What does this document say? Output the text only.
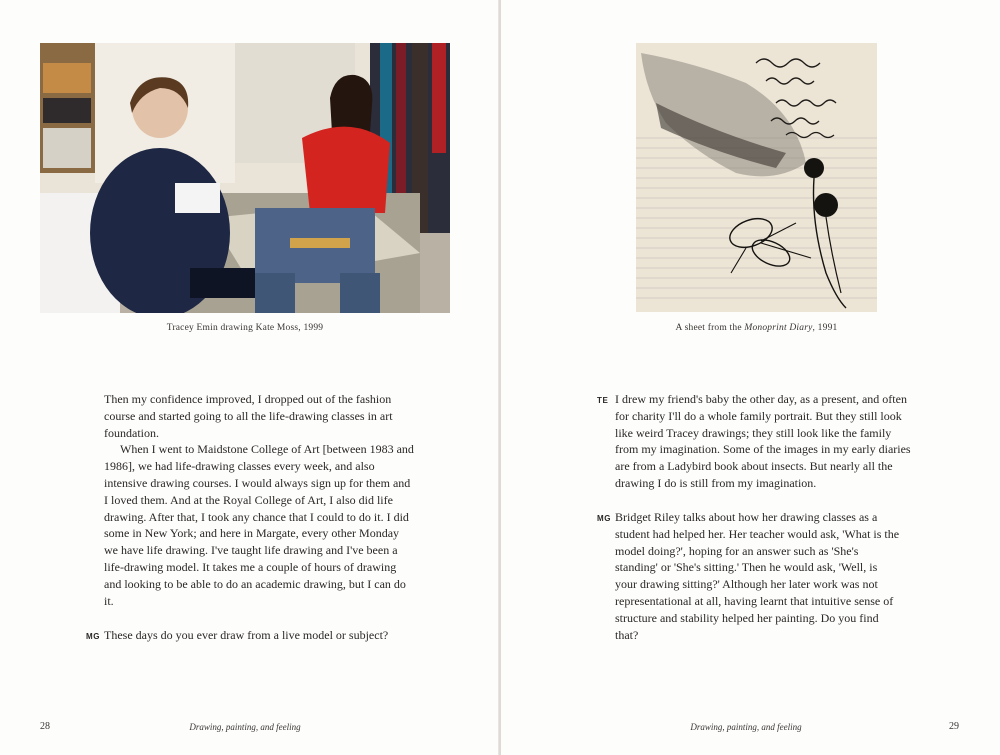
Tracey Emin drawing Kate Moss, 1999

Then my confidence improved, I dropped out of the fashion course and started going to all the life-drawing classes in art foundation.

When I went to Maidstone College of Art [between 1983 and 1986], we had life-drawing classes every week, and also intensive drawing courses. I would always sign up for them and I loved them. And at the Royal College of Art, I also did life drawing. After that, I took any chance that I could to do it. I did some in New York; and here in Margate, every other Monday we have life drawing. I've taught life drawing and I've been a life-drawing model. It takes me a couple of hours of drawing and looking to be able to do an academic drawing, but I can do it.

MG These days do you ever draw from a live model or subject?
28	Drawing, painting, and feeling
A sheet from the Monoprint Diary, 1991
TE I drew my friend's baby the other day, as a present, and often for charity I'll do a whole family portrait. But they still look like weird Tracey drawings; they still look like the family from my imagination. Some of the images in my early diaries are from a Ladybird book about insects. But nearly all the drawing I do is still from my imagination.
MG Bridget Riley talks about how her drawing classes as a student had helped her. Her teacher would ask, 'What is the model doing?', hoping for an answer such as 'She's standing' or 'She's sitting.' Then he would ask, 'Well, is your drawing sitting?' Although her later work was not representational at all, having learnt that intuitive sense of structure and stability helped her painting. Do you find that?
Drawing, painting, and feeling	29
